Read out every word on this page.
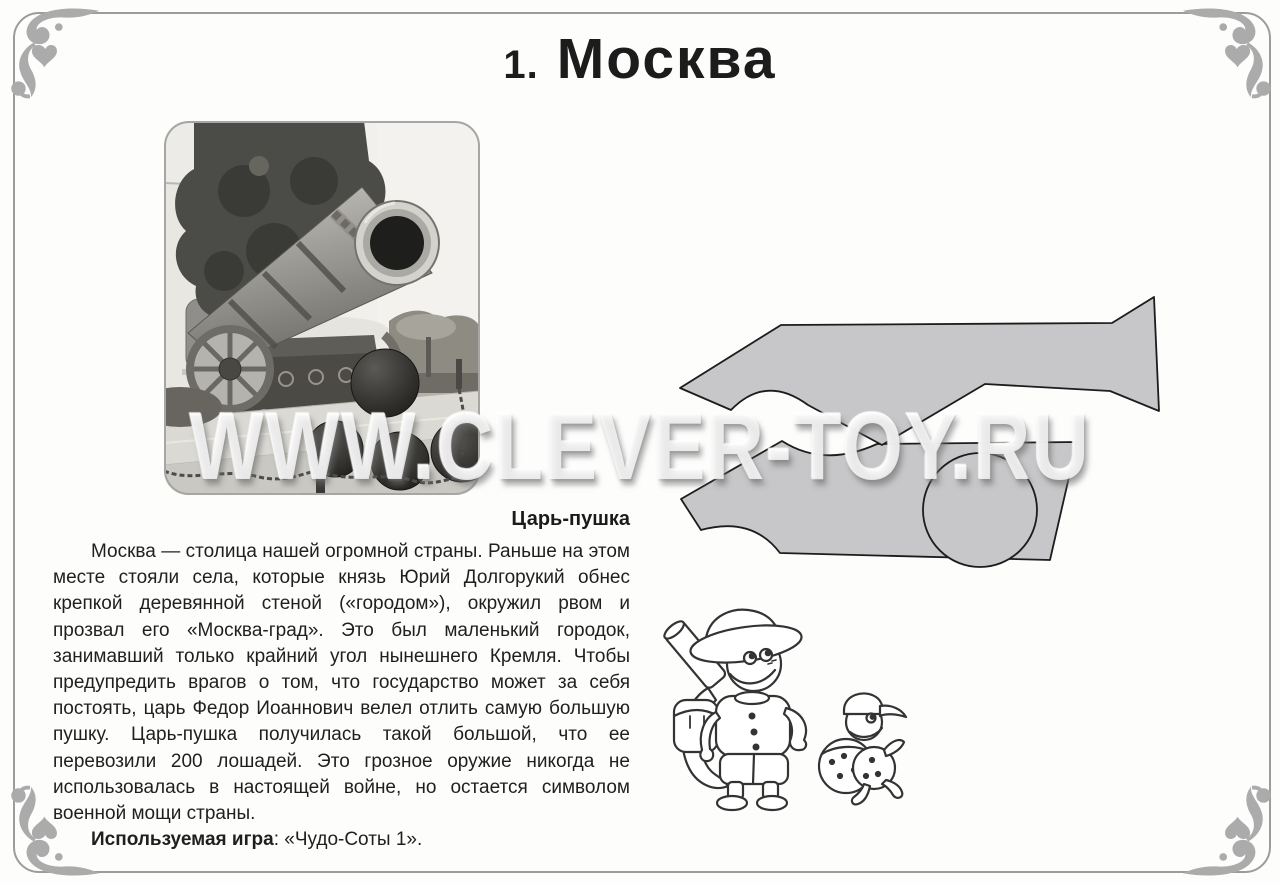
1. Москва
Царь-пушка

Москва — столица нашей огромной страны. Раньше на этом месте стояли села, которые князь Юрий Долгорукий обнес крепкой деревянной стеной («городом»), окружил рвом и прозвал его «Москва-град». Это был маленький городок, занимавший только крайний угол нынешнего Кремля. Чтобы предупредить врагов о том, что государство может за себя постоять, царь Федор Иоаннович велел отлить самую большую пушку. Царь-пушка получилась такой большой, что ее перевозили 200 лошадей. Это грозное оружие никогда не использовалась в настоящей войне, но остается символом военной мощи страны.

Используемая игра: «Чудо-Соты 1».

WWW.CLEVER-TOY.RU
